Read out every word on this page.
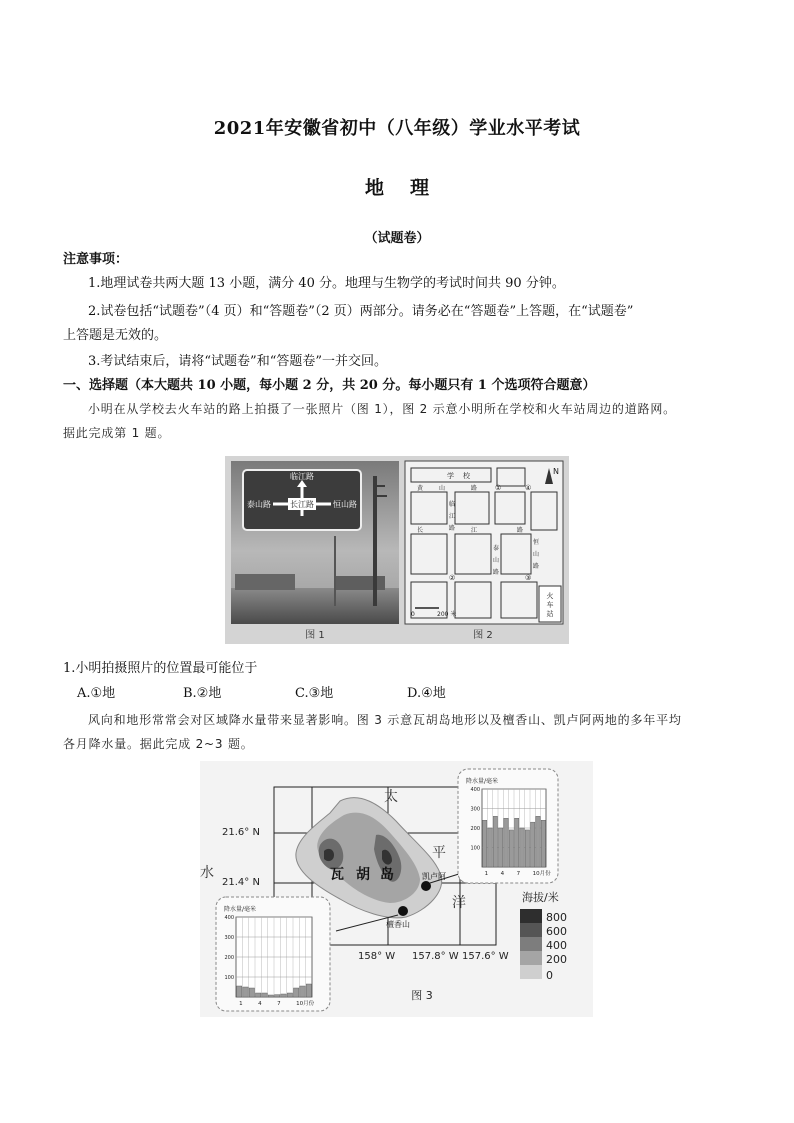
2021年安徽省初中（八年级）学业水平考试
地 理
（试题卷）
注意事项：
1.地理试卷共两大题 13 小题，满分 40 分。地理与生物学的考试时间共 90 分钟。
2.试卷包括“试题卷”（4 页）和“答题卷”（2 页）两部分。请务必在“答题卷”上答题，在“试题卷”
上答题是无效的。
3.考试结束后，请将“试题卷”和“答题卷”一并交回。
一、选择题（本大题共 10 小题，每小题 2 分，共 20 分。每小题只有 1 个选项符合题意）
小明在从学校去火车站的路上拍摄了一张照片（图 1），图 2 示意小明所在学校和火车站周边的道路网。
据此完成第 1 题。
临江路
泰山路 长江路 恒山路
图 1
学 校
黄	山	路
临
江
路
长	江	路
泰
山
路
恒
山
路
①
②	③
④
N
0	200 米
火
车
站
图 2
1.小明拍摄照片的位置最可能位于
A.①地	B.②地	C.③地	D.④地
风向和地形常常会对区域降水量带来显著影响。图 3 示意瓦胡岛地形以及檀香山、凯卢阿两地的多年平均
各月降水量。据此完成 2~3 题。
21.6° N
21.4° N
158° W 157.8° W 157.6° W
太
平
洋
水	瓦 胡 岛	凯卢阿
檀香山
海拔/米
800
600
400
200
0
降水量/毫米
100
200
300
400
1 4 7 10月份
降水量/毫米
100
200
300
400
1	4	7	10月份
图 3
